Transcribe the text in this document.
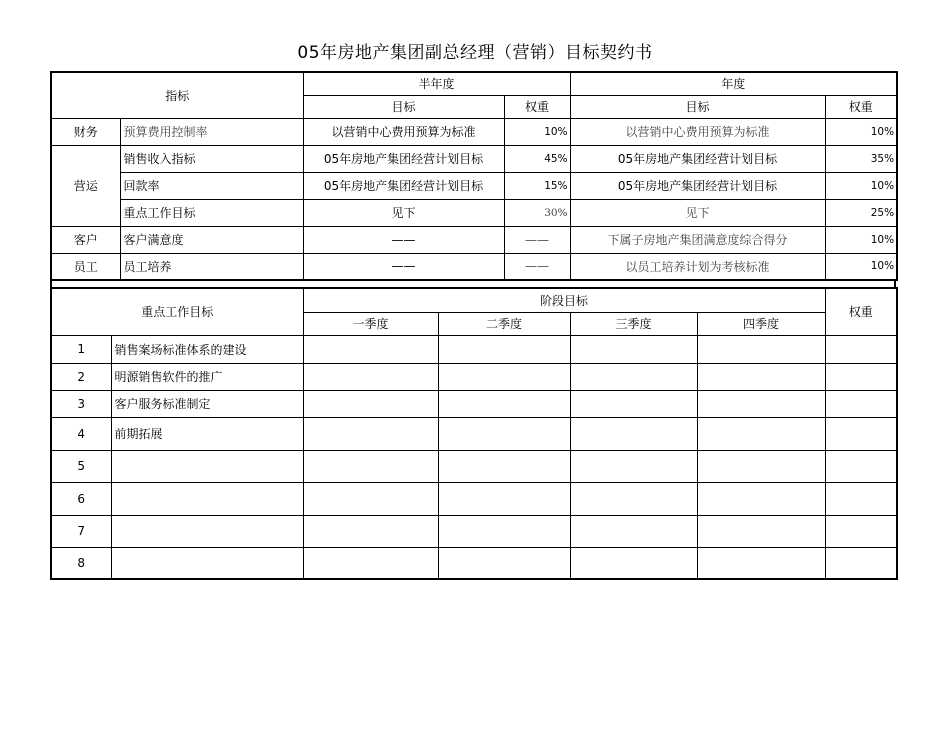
05年房地产集团副总经理（营销）目标契约书
指标		半年度		年度	
		目标	权重	目标	权重
财务	预算费用控制率	以营销中心费用预算为标准	10%	以营销中心费用预算为标准	10%
营运	销售收入指标	05年房地产集团经营计划目标	45%	05年房地产集团经营计划目标	35%
	回款率	05年房地产集团经营计划目标	15%	05年房地产集团经营计划目标	10%
	重点工作目标	见下	30%	见下	25%
客户	客户满意度	——	——	下属子房地产集团满意度综合得分	10%
员工	员工培养	——	——	以员工培养计划为考核标准	10%
重点工作目标		阶段目标				权重
		一季度	二季度	三季度	四季度	
1	销售案场标准体系的建设					
2	明源销售软件的推广					
3	客户服务标准制定					
4	前期拓展					
5						
6						
7						
8						
